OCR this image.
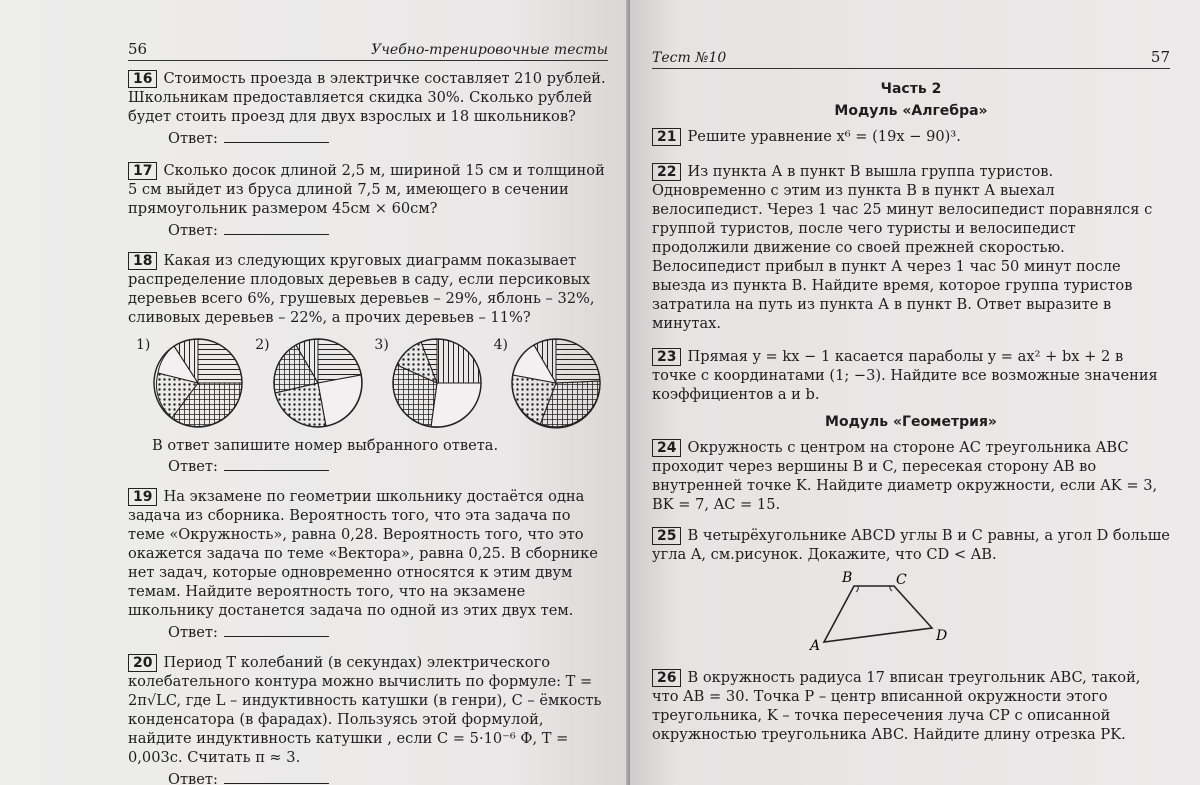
56	Учебно-тренировочные тесты
16 Стоимость проезда в электричке составляет 210 рублей. Школьникам предоставляется скидка 30%. Сколько рублей будет стоить проезд для двух взрослых и 18 школьников?
Ответ:
17 Сколько досок длиной 2,5 м, шириной 15 см и толщиной 5 см выйдет из бруса длиной 7,5 м, имеющего в сечении прямоугольник размером 45см × 60см?
Ответ:
18 Какая из следующих круговых диаграмм показывает распределение плодовых деревьев в саду, если персиковых деревьев всего 6%, грушевых деревьев – 29%, яблонь – 32%, сливовых деревьев – 22%, а прочих деревьев – 11%?
1)	2)	3)	4)
В ответ запишите номер выбранного ответа.
Ответ:
19 На экзамене по геометрии школьнику достаётся одна задача из сборника. Вероятность того, что эта задача по теме «Окружность», равна 0,28. Вероятность того, что это окажется задача по теме «Вектора», равна 0,25. В сборнике нет задач, которые одновременно относятся к этим двум темам. Найдите вероятность того, что на экзамене школьнику достанется задача по одной из этих двух тем.
Ответ:
20 Период T колебаний (в секундах) электрического колебательного контура можно вычислить по формуле: T = 2π√LC, где L – индуктивность катушки (в генри), C – ёмкость конденсатора (в фарадах). Пользуясь этой формулой, найдите индуктивность катушки , если C = 5·10⁻⁶ Ф, T = 0,003с. Считать π ≈ 3.
Ответ:
Тест №10	57
Часть 2
Модуль «Алгебра»
21 Решите уравнение x⁶ = (19x − 90)³.
22 Из пункта А в пункт В вышла группа туристов. Одновременно с этим из пункта В в пункт А выехал велосипедист. Через 1 час 25 минут велосипедист поравнялся с группой туристов, после чего туристы и велосипедист продолжили движение со своей прежней скоростью. Велосипедист прибыл в пункт А через 1 час 50 минут после выезда из пункта В. Найдите время, которое группа туристов затратила на путь из пункта А в пункт В. Ответ выразите в минутах.
23 Прямая y = kx − 1 касается параболы y = ax² + bx + 2 в точке с координатами (1; −3). Найдите все возможные значения коэффициентов a и b.
Модуль «Геометрия»
24 Окружность с центром на стороне AC треугольника ABC проходит через вершины B и C, пересекая сторону AB во внутренней точке K. Найдите диаметр окружности, если AK = 3, BK = 7, AC = 15.
25 В четырёхугольнике ABCD углы B и C равны, а угол D больше угла A, см.рисунок. Докажите, что CD < AB.
A
B	C
D
26 В окружность радиуса 17 вписан треугольник ABC, такой, что AB = 30. Точка P – центр вписанной окружности этого треугольника, K – точка пересечения луча CP с описанной окружностью треугольника ABC. Найдите длину отрезка PK.
